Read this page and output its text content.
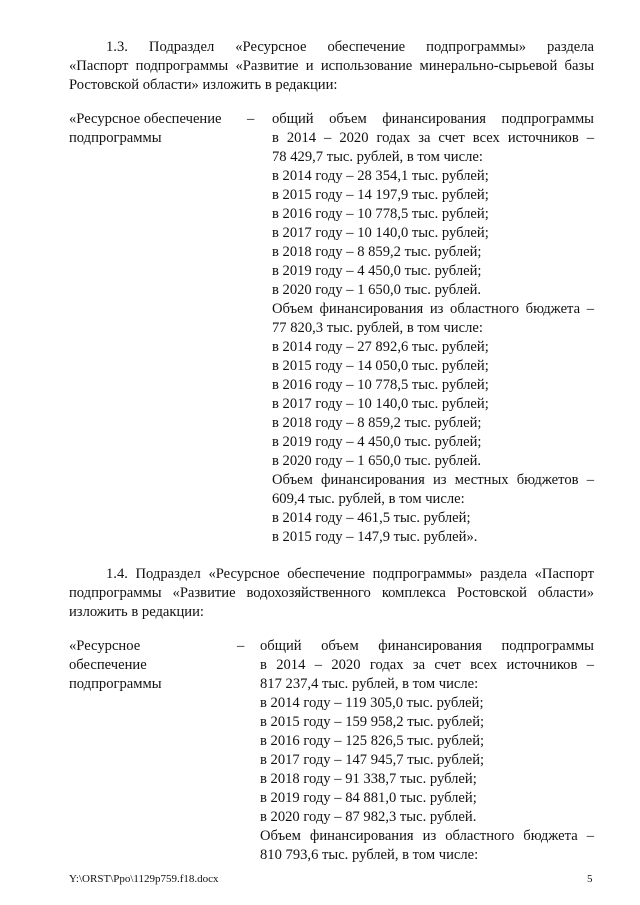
1.3. Подраздел «Ресурсное обеспечение подпрограммы» раздела
«Паспорт подпрограммы «Развитие и использование минерально-сырьевой базы
Ростовской области» изложить в редакции:
«Ресурсное обеспечение
подпрограммы
– общий объем финансирования подпрограммы
в 2014 – 2020 годах за счет всех источников –
78 429,7 тыс. рублей, в том числе:
в 2014 году – 28 354,1 тыс. рублей;
в 2015 году – 14 197,9 тыс. рублей;
в 2016 году – 10 778,5 тыс. рублей;
в 2017 году – 10 140,0 тыс. рублей;
в 2018 году – 8 859,2 тыс. рублей;
в 2019 году – 4 450,0 тыс. рублей;
в 2020 году – 1 650,0 тыс. рублей.
Объем финансирования из областного бюджета –
77 820,3 тыс. рублей, в том числе:
в 2014 году – 27 892,6 тыс. рублей;
в 2015 году – 14 050,0 тыс. рублей;
в 2016 году – 10 778,5 тыс. рублей;
в 2017 году – 10 140,0 тыс. рублей;
в 2018 году – 8 859,2 тыс. рублей;
в 2019 году – 4 450,0 тыс. рублей;
в 2020 году – 1 650,0 тыс. рублей.
Объем финансирования из местных бюджетов –
609,4 тыс. рублей, в том числе:
в 2014 году – 461,5 тыс. рублей;
в 2015 году – 147,9 тыс. рублей».
1.4. Подраздел «Ресурсное обеспечение подпрограммы» раздела «Паспорт
подпрограммы «Развитие водохозяйственного комплекса Ростовской области»
изложить в редакции:
«Ресурсное
обеспечение
подпрограммы
– общий объем финансирования подпрограммы
в 2014 – 2020 годах за счет всех источников –
817 237,4 тыс. рублей, в том числе:
в 2014 году – 119 305,0 тыс. рублей;
в 2015 году – 159 958,2 тыс. рублей;
в 2016 году – 125 826,5 тыс. рублей;
в 2017 году – 147 945,7 тыс. рублей;
в 2018 году – 91 338,7 тыс. рублей;
в 2019 году – 84 881,0 тыс. рублей;
в 2020 году – 87 982,3 тыс. рублей.
Объем финансирования из областного бюджета –
810 793,6 тыс. рублей, в том числе:
Y:\ORST\Ppo\1129p759.f18.docx	5
